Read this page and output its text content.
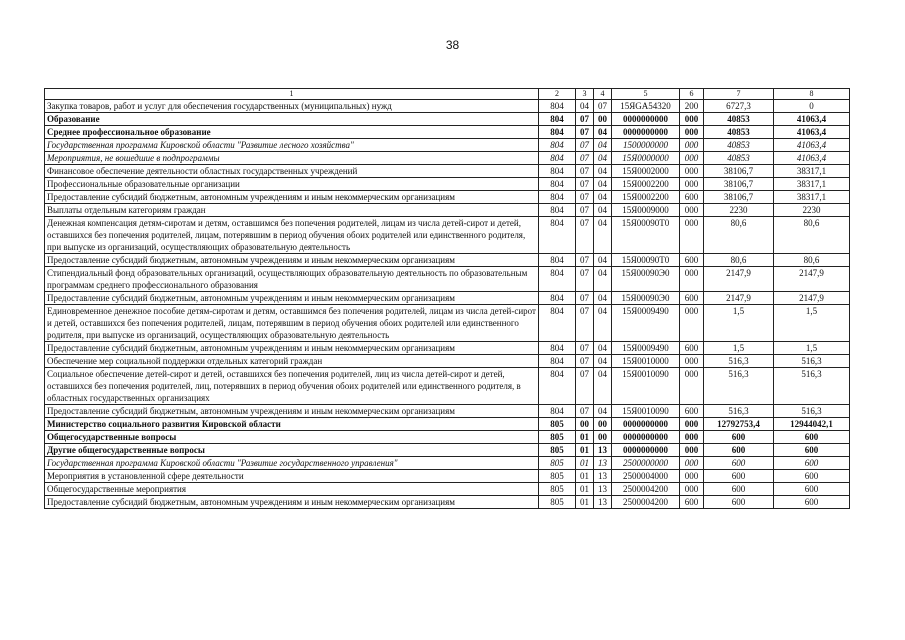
38
1	2	3	4	5	6	7	8
Закупка товаров, работ и услуг для обеспечения государственных (муниципальных) нужд	804	04	07	15ЯGA54320	200	6727,3	0
Образование	804	07	00	0000000000	000	40853	41063,4
Среднее профессиональное образование	804	07	04	0000000000	000	40853	41063,4
Государственная программа Кировской области "Развитие лесного хозяйства"	804	07	04	1500000000	000	40853	41063,4
Мероприятия, не вошедшие в подпрограммы	804	07	04	15Я0000000	000	40853	41063,4
Финансовое обеспечение деятельности областных государственных учреждений	804	07	04	15Я0002000	000	38106,7	38317,1
Профессиональные образовательные организации	804	07	04	15Я0002200	000	38106,7	38317,1
Предоставление субсидий бюджетным, автономным учреждениям и иным некоммерческим организациям	804	07	04	15Я0002200	600	38106,7	38317,1
Выплаты отдельным категориям граждан	804	07	04	15Я0009000	000	2230	2230
Денежная компенсация детям-сиротам и детям, оставшимся без попечения родителей, лицам из числа детей-сирот и детей, оставшихся без попечения родителей, лицам, потерявшим в период обучения обоих родителей или единственного родителя, при выпуске из организаций, осуществляющих образовательную деятельность	804	07	04	15Я00090Т0	000	80,6	80,6
Предоставление субсидий бюджетным, автономным учреждениям и иным некоммерческим организациям	804	07	04	15Я00090Т0	600	80,6	80,6
Стипендиальный фонд образовательных организаций, осуществляющих образовательную деятельность по образовательным программам среднего профессионального образования	804	07	04	15Я00090Э0	000	2147,9	2147,9
Предоставление субсидий бюджетным, автономным учреждениям и иным некоммерческим организациям	804	07	04	15Я00090Э0	600	2147,9	2147,9
Единовременное денежное пособие детям-сиротам и детям, оставшимся без попечения родителей, лицам из числа детей-сирот и детей, оставшихся без попечения родителей, лицам, потерявшим в период обучения обоих родителей или единственного родителя, при выпуске из организаций, осуществляющих образовательную деятельность	804	07	04	15Я0009490	000	1,5	1,5
Предоставление субсидий бюджетным, автономным учреждениям и иным некоммерческим организациям	804	07	04	15Я0009490	600	1,5	1,5
Обеспечение мер социальной поддержки отдельных категорий граждан	804	07	04	15Я0010000	000	516,3	516,3
Социальное обеспечение детей-сирот и детей, оставшихся без попечения родителей, лиц из числа детей-сирот и детей, оставшихся без попечения родителей, лиц, потерявших в период обучения обоих родителей или единственного родителя, в областных государственных организациях	804	07	04	15Я0010090	000	516,3	516,3
Предоставление субсидий бюджетным, автономным учреждениям и иным некоммерческим организациям	804	07	04	15Я0010090	600	516,3	516,3
Министерство социального развития Кировской области	805	00	00	0000000000	000	12792753,4	12944042,1
Общегосударственные вопросы	805	01	00	0000000000	000	600	600
Другие общегосударственные вопросы	805	01	13	0000000000	000	600	600
Государственная программа Кировской области "Развитие государственного управления"	805	01	13	2500000000	000	600	600
Мероприятия в установленной сфере деятельности	805	01	13	2500004000	000	600	600
Общегосударственные мероприятия	805	01	13	2500004200	000	600	600
Предоставление субсидий бюджетным, автономным учреждениям и иным некоммерческим организациям	805	01	13	2500004200	600	600	600
